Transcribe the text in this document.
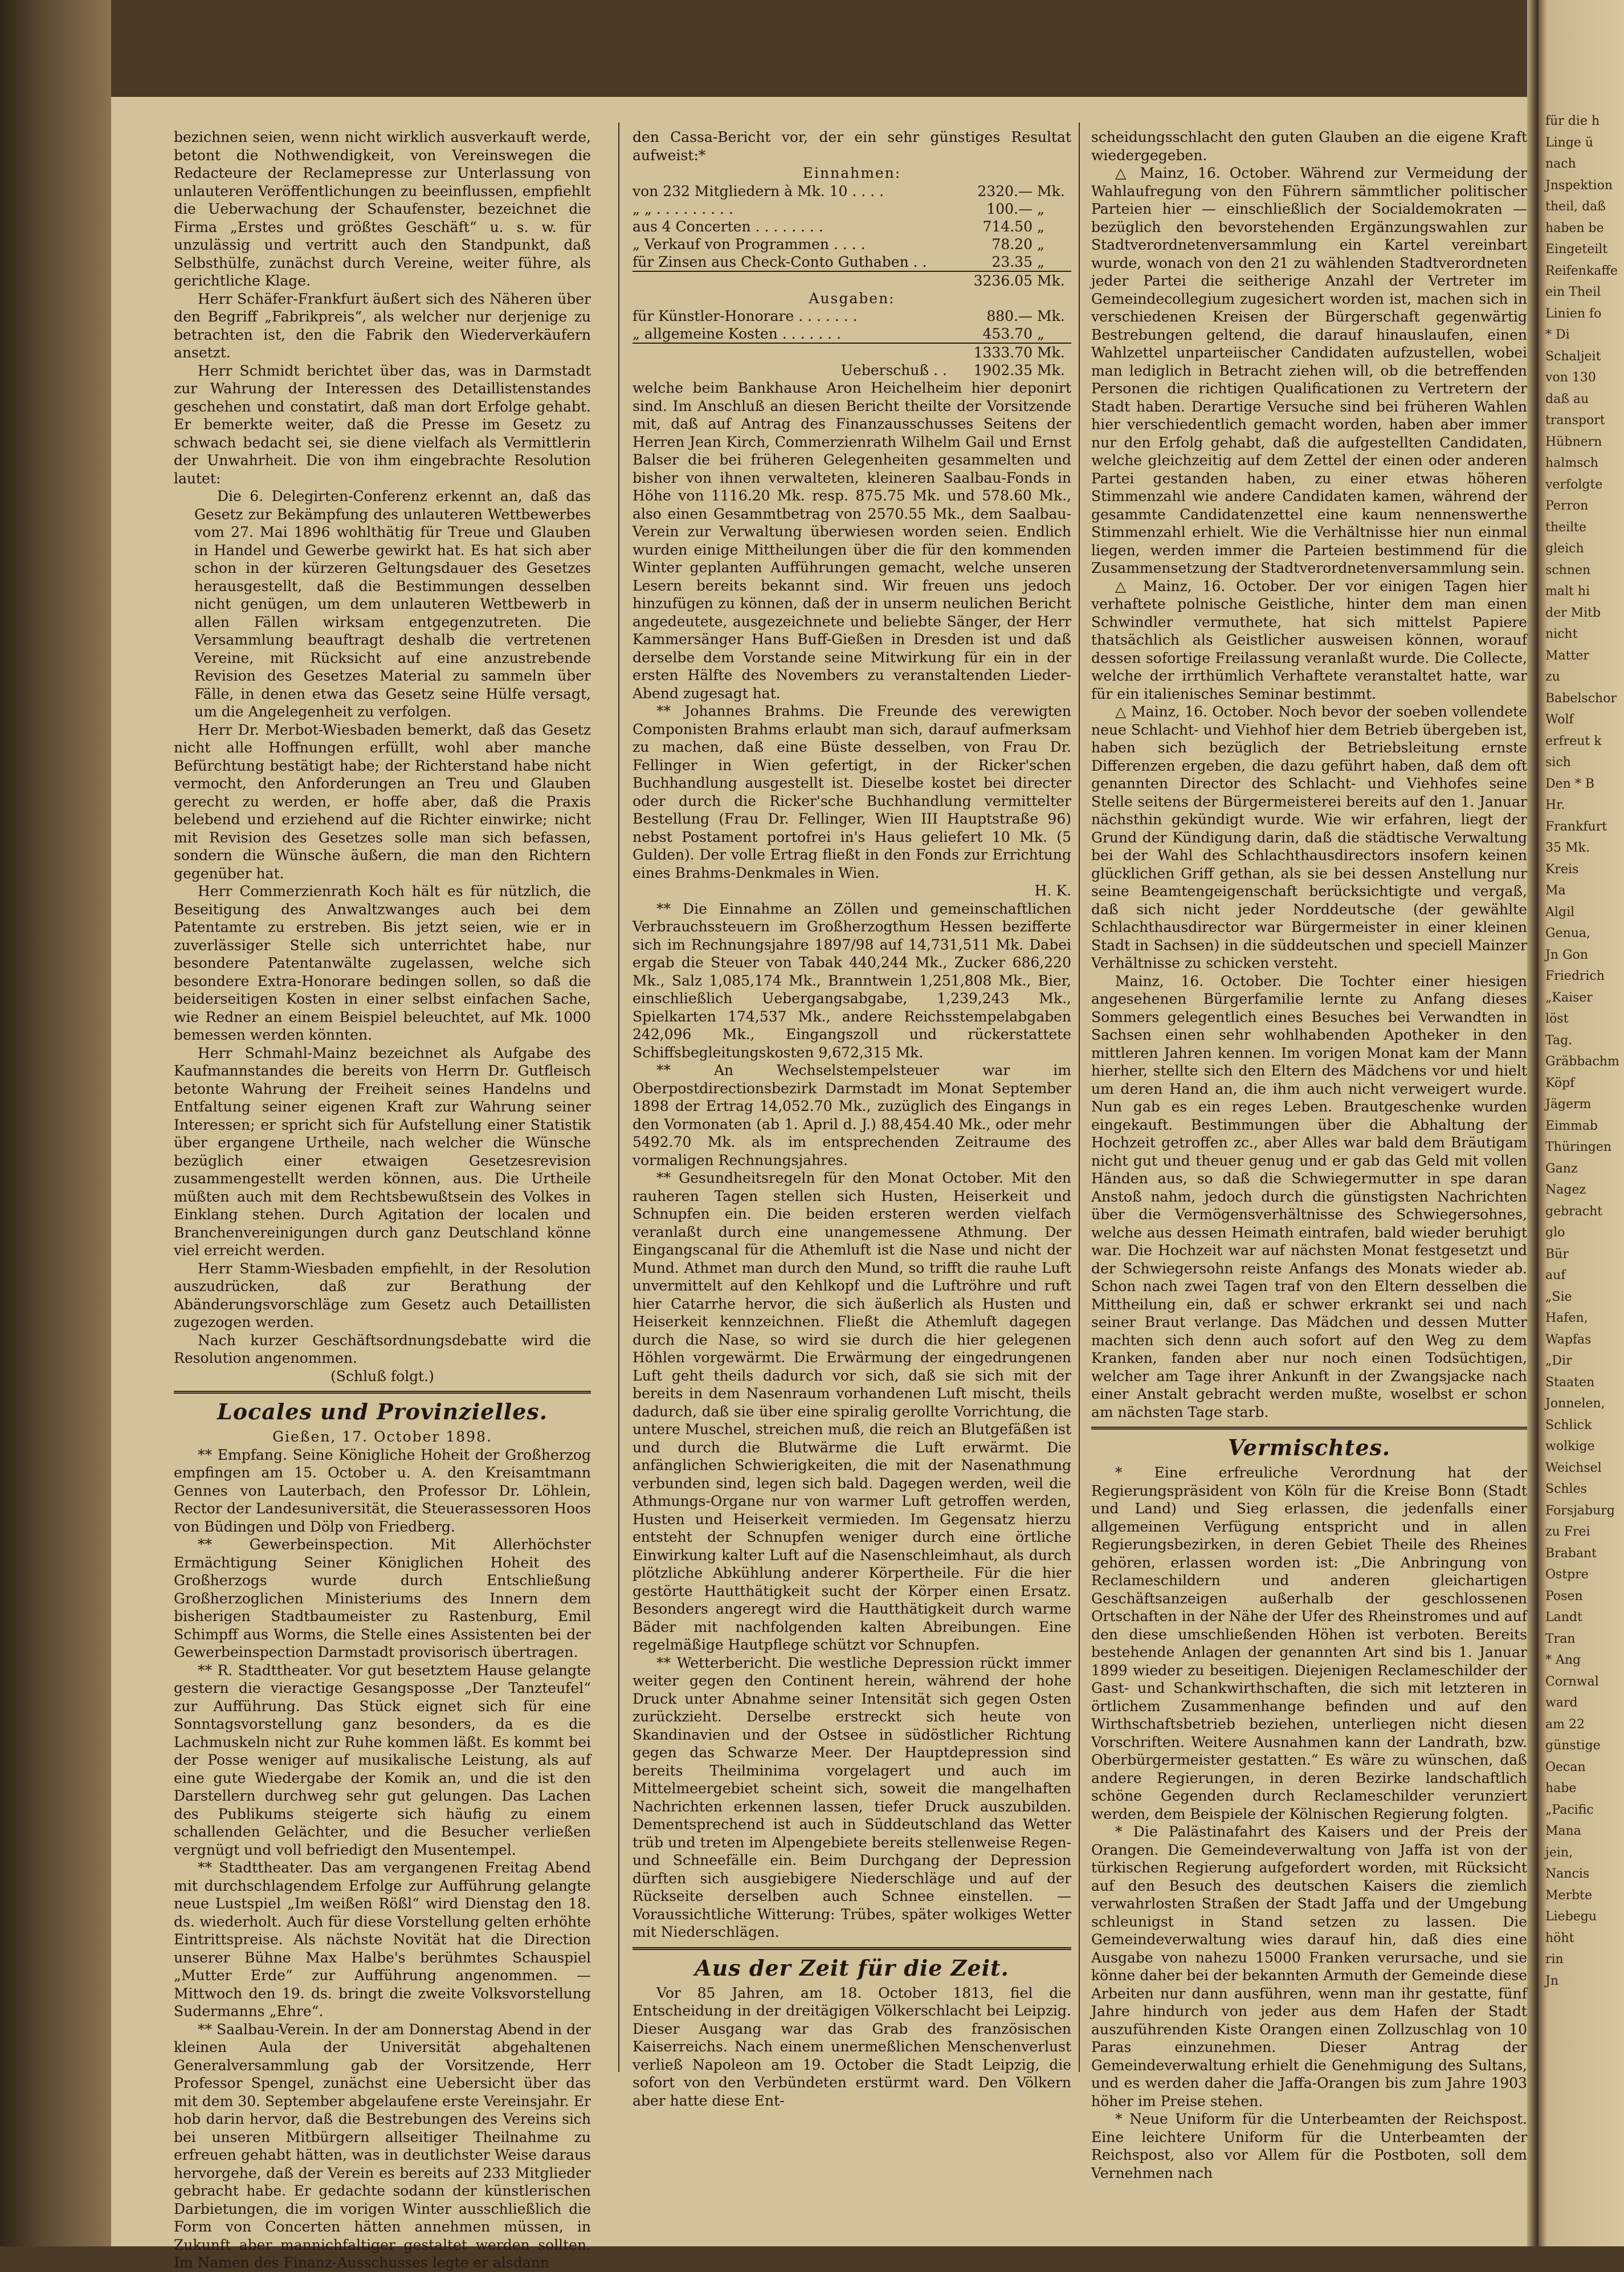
bezichnen seien, wenn nicht wirklich ausverkauft werde, betont die Nothwendigkeit, von Vereinswegen die Redacteure der Reclamepresse zur Unterlassung von unlauteren Veröffentlichungen zu beeinflussen, empfiehlt die Ueberwachung der Schaufenster, bezeichnet die Firma „Erstes und größtes Geschäft“ u. s. w. für unzulässig und vertritt auch den Standpunkt, daß Selbsthülfe, zunächst durch Vereine, weiter führe, als gerichtliche Klage.

Herr Schäfer-Frankfurt äußert sich des Näheren über den Begriff „Fabrikpreis“, als welcher nur derjenige zu betrachten ist, den die Fabrik den Wiederverkäufern ansetzt.

Herr Schmidt berichtet über das, was in Darmstadt zur Wahrung der Interessen des Detaillistenstandes geschehen und constatirt, daß man dort Erfolge gehabt. Er bemerkte weiter, daß die Presse im Gesetz zu schwach bedacht sei, sie diene vielfach als Vermittlerin der Unwahrheit. Die von ihm eingebrachte Resolution lautet:

Die 6. Delegirten-Conferenz erkennt an, daß das Gesetz zur Bekämpfung des unlauteren Wettbewerbes vom 27. Mai 1896 wohlthätig für Treue und Glauben in Handel und Gewerbe gewirkt hat. Es hat sich aber schon in der kürzeren Geltungsdauer des Gesetzes herausgestellt, daß die Bestimmungen desselben nicht genügen, um dem unlauteren Wettbewerb in allen Fällen wirksam entgegenzutreten. Die Versammlung beauftragt deshalb die vertretenen Vereine, mit Rücksicht auf eine anzustrebende Revision des Gesetzes Material zu sammeln über Fälle, in denen etwa das Gesetz seine Hülfe versagt, um die Angelegenheit zu verfolgen.

Herr Dr. Merbot-Wiesbaden bemerkt, daß das Gesetz nicht alle Hoffnungen erfüllt, wohl aber manche Befürchtung bestätigt habe; der Richterstand habe nicht vermocht, den Anforderungen an Treu und Glauben gerecht zu werden, er hoffe aber, daß die Praxis belebend und erziehend auf die Richter einwirke; nicht mit Revision des Gesetzes solle man sich befassen, sondern die Wünsche äußern, die man den Richtern gegenüber hat.

Herr Commerzienrath Koch hält es für nützlich, die Beseitigung des Anwaltzwanges auch bei dem Patentamte zu erstreben. Bis jetzt seien, wie er in zuverlässiger Stelle sich unterrichtet habe, nur besondere Patentanwälte zugelassen, welche sich besondere Extra-Honorare bedingen sollen, so daß die beiderseitigen Kosten in einer selbst einfachen Sache, wie Redner an einem Beispiel beleuchtet, auf Mk. 1000 bemessen werden könnten.

Herr Schmahl-Mainz bezeichnet als Aufgabe des Kaufmannstandes die bereits von Herrn Dr. Gutfleisch betonte Wahrung der Freiheit seines Handelns und Entfaltung seiner eigenen Kraft zur Wahrung seiner Interessen; er spricht sich für Aufstellung einer Statistik über ergangene Urtheile, nach welcher die Wünsche bezüglich einer etwaigen Gesetzesrevision zusammengestellt werden können, aus. Die Urtheile müßten auch mit dem Rechtsbewußtsein des Volkes in Einklang stehen. Durch Agitation der localen und Branchenvereinigungen durch ganz Deutschland könne viel erreicht werden.

Herr Stamm-Wiesbaden empfiehlt, in der Resolution auszudrücken, daß zur Berathung der Abänderungsvorschläge zum Gesetz auch Detaillisten zugezogen werden.

Nach kurzer Geschäftsordnungsdebatte wird die Resolution angenommen.

(Schluß folgt.)

Locales und Provinzielles.

Gießen, 17. October 1898.

** Empfang. Seine Königliche Hoheit der Großherzog empfingen am 15. October u. A. den Kreisamtmann Gennes von Lauterbach, den Professor Dr. Löhlein, Rector der Landesuniversität, die Steuerassessoren Hoos von Büdingen und Dölp von Friedberg.

** Gewerbeinspection. Mit Allerhöchster Ermächtigung Seiner Königlichen Hoheit des Großherzogs wurde durch Entschließung Großherzoglichen Ministeriums des Innern dem bisherigen Stadtbaumeister zu Rastenburg, Emil Schimpff aus Worms, die Stelle eines Assistenten bei der Gewerbeinspection Darmstadt provisorisch übertragen.

** R. Stadttheater. Vor gut besetztem Hause gelangte gestern die vieractige Gesangsposse „Der Tanzteufel“ zur Aufführung. Das Stück eignet sich für eine Sonntagsvorstellung ganz besonders, da es die Lachmuskeln nicht zur Ruhe kommen läßt. Es kommt bei der Posse weniger auf musikalische Leistung, als auf eine gute Wiedergabe der Komik an, und die ist den Darstellern durchweg sehr gut gelungen. Das Lachen des Publikums steigerte sich häufig zu einem schallenden Gelächter, und die Besucher verließen vergnügt und voll befriedigt den Musentempel.

** Stadttheater. Das am vergangenen Freitag Abend mit durchschlagendem Erfolge zur Aufführung gelangte neue Lustspiel „Im weißen Rößl“ wird Dienstag den 18. ds. wiederholt. Auch für diese Vorstellung gelten erhöhte Eintrittspreise. Als nächste Novität hat die Direction unserer Bühne Max Halbe's berühmtes Schauspiel „Mutter Erde“ zur Aufführung angenommen. — Mittwoch den 19. ds. bringt die zweite Volksvorstellung Sudermanns „Ehre“.

** Saalbau-Verein. In der am Donnerstag Abend in der kleinen Aula der Universität abgehaltenen Generalversammlung gab der Vorsitzende, Herr Professor Spengel, zunächst eine Uebersicht über das mit dem 30. September abgelaufene erste Vereinsjahr. Er hob darin hervor, daß die Bestrebungen des Vereins sich bei unseren Mitbürgern allseitiger Theilnahme zu erfreuen gehabt hätten, was in deutlichster Weise daraus hervorgehe, daß der Verein es bereits auf 233 Mitglieder gebracht habe. Er gedachte sodann der künstlerischen Darbietungen, die im vorigen Winter ausschließlich die Form von Concerten hätten annehmen müssen, in Zukunft aber mannichfaltiger gestaltet werden sollten. Im Namen des Finanz-Ausschusses legte er alsdann

den Cassa-Bericht vor, der ein sehr günstiges Resultat aufweist:*

Einnahmen:

von 232 Mitgliedern à Mk. 10 . . . .	2320.—	Mk.
„ „ . . . . . . . . .	100.—	„
aus 4 Concerten . . . . . . . .	714.50	„
„ Verkauf von Programmen . . . .	78.20	„
für Zinsen aus Check-Conto Guthaben . .	23.35	„
	3236.05	Mk.

Ausgaben:

für Künstler-Honorare . . . . . . .	880.—	Mk.
„ allgemeine Kosten . . . . . . .	453.70	„
	1333.70	Mk.
Ueberschuß . .	1902.35	Mk.

welche beim Bankhause Aron Heichelheim hier deponirt sind. Im Anschluß an diesen Bericht theilte der Vorsitzende mit, daß auf Antrag des Finanzausschusses Seitens der Herren Jean Kirch, Commerzienrath Wilhelm Gail und Ernst Balser die bei früheren Gelegenheiten gesammelten und bisher von ihnen verwalteten, kleineren Saalbau-Fonds in Höhe von 1116.20 Mk. resp. 875.75 Mk. und 578.60 Mk., also einen Gesammtbetrag von 2570.55 Mk., dem Saalbau-Verein zur Verwaltung überwiesen worden seien. Endlich wurden einige Mittheilungen über die für den kommenden Winter geplanten Aufführungen gemacht, welche unseren Lesern bereits bekannt sind. Wir freuen uns jedoch hinzufügen zu können, daß der in unserm neulichen Bericht angedeutete, ausgezeichnete und beliebte Sänger, der Herr Kammersänger Hans Buff-Gießen in Dresden ist und daß derselbe dem Vorstande seine Mitwirkung für ein in der ersten Hälfte des Novembers zu veranstaltenden Lieder-Abend zugesagt hat.

** Johannes Brahms. Die Freunde des verewigten Componisten Brahms erlaubt man sich, darauf aufmerksam zu machen, daß eine Büste desselben, von Frau Dr. Fellinger in Wien gefertigt, in der Ricker'schen Buchhandlung ausgestellt ist. Dieselbe kostet bei directer oder durch die Ricker'sche Buchhandlung vermittelter Bestellung (Frau Dr. Fellinger, Wien III Hauptstraße 96) nebst Postament portofrei in's Haus geliefert 10 Mk. (5 Gulden). Der volle Ertrag fließt in den Fonds zur Errichtung eines Brahms-Denkmales in Wien.

H. K.

** Die Einnahme an Zöllen und gemeinschaftlichen Verbrauchssteuern im Großherzogthum Hessen bezifferte sich im Rechnungsjahre 1897/98 auf 14,731,511 Mk. Dabei ergab die Steuer von Tabak 440,244 Mk., Zucker 686,220 Mk., Salz 1,085,174 Mk., Branntwein 1,251,808 Mk., Bier, einschließlich Uebergangsabgabe, 1,239,243 Mk., Spielkarten 174,537 Mk., andere Reichsstempelabgaben 242,096 Mk., Eingangszoll und rückerstattete Schiffsbegleitungskosten 9,672,315 Mk.

** An Wechselstempelsteuer war im Oberpostdirectionsbezirk Darmstadt im Monat September 1898 der Ertrag 14,052.70 Mk., zuzüglich des Eingangs in den Vormonaten (ab 1. April d. J.) 88,454.40 Mk., oder mehr 5492.70 Mk. als im entsprechenden Zeitraume des vormaligen Rechnungsjahres.

** Gesundheitsregeln für den Monat October. Mit den rauheren Tagen stellen sich Husten, Heiserkeit und Schnupfen ein. Die beiden ersteren werden vielfach veranlaßt durch eine unangemessene Athmung. Der Eingangscanal für die Athemluft ist die Nase und nicht der Mund. Athmet man durch den Mund, so trifft die rauhe Luft unvermittelt auf den Kehlkopf und die Luftröhre und ruft hier Catarrhe hervor, die sich äußerlich als Husten und Heiserkeit kennzeichnen. Fließt die Athemluft dagegen durch die Nase, so wird sie durch die hier gelegenen Höhlen vorgewärmt. Die Erwärmung der eingedrungenen Luft geht theils dadurch vor sich, daß sie sich mit der bereits in dem Nasenraum vorhandenen Luft mischt, theils dadurch, daß sie über eine spiralig gerollte Vorrichtung, die untere Muschel, streichen muß, die reich an Blutgefäßen ist und durch die Blutwärme die Luft erwärmt. Die anfänglichen Schwierigkeiten, die mit der Nasenathmung verbunden sind, legen sich bald. Dagegen werden, weil die Athmungs-Organe nur von warmer Luft getroffen werden, Husten und Heiserkeit vermieden. Im Gegensatz hierzu entsteht der Schnupfen weniger durch eine örtliche Einwirkung kalter Luft auf die Nasenschleimhaut, als durch plötzliche Abkühlung anderer Körpertheile. Für die hier gestörte Hautthätigkeit sucht der Körper einen Ersatz. Besonders angeregt wird die Hautthätigkeit durch warme Bäder mit nachfolgenden kalten Abreibungen. Eine regelmäßige Hautpflege schützt vor Schnupfen.

** Wetterbericht. Die westliche Depression rückt immer weiter gegen den Continent herein, während der hohe Druck unter Abnahme seiner Intensität sich gegen Osten zurückzieht. Derselbe erstreckt sich heute von Skandinavien und der Ostsee in südöstlicher Richtung gegen das Schwarze Meer. Der Hauptdepression sind bereits Theilminima vorgelagert und auch im Mittelmeergebiet scheint sich, soweit die mangelhaften Nachrichten erkennen lassen, tiefer Druck auszubilden. Dementsprechend ist auch in Süddeutschland das Wetter trüb und treten im Alpengebiete bereits stellenweise Regen- und Schneefälle ein. Beim Durchgang der Depression dürften sich ausgiebigere Niederschläge und auf der Rückseite derselben auch Schnee einstellen. — Voraussichtliche Witterung: Trübes, später wolkiges Wetter mit Niederschlägen.

Aus der Zeit für die Zeit.

Vor 85 Jahren, am 18. October 1813, fiel die Entscheidung in der dreitägigen Völkerschlacht bei Leipzig. Dieser Ausgang war das Grab des französischen Kaiserreichs. Nach einem unermeßlichen Menschenverlust verließ Napoleon am 19. October die Stadt Leipzig, die sofort von den Verbündeten erstürmt ward. Den Völkern aber hatte diese Ent-

scheidungsschlacht den guten Glauben an die eigene Kraft wiedergegeben.

△ Mainz, 16. October. Während zur Vermeidung der Wahlaufregung von den Führern sämmtlicher politischer Parteien hier — einschließlich der Socialdemokraten — bezüglich den bevorstehenden Ergänzungswahlen zur Stadtverordnetenversammlung ein Kartel vereinbart wurde, wonach von den 21 zu wählenden Stadtverordneten jeder Partei die seitherige Anzahl der Vertreter im Gemeindecollegium zugesichert worden ist, machen sich in verschiedenen Kreisen der Bürgerschaft gegenwärtig Bestrebungen geltend, die darauf hinauslaufen, einen Wahlzettel unparteiischer Candidaten aufzustellen, wobei man lediglich in Betracht ziehen will, ob die betreffenden Personen die richtigen Qualificationen zu Vertretern der Stadt haben. Derartige Versuche sind bei früheren Wahlen hier verschiedentlich gemacht worden, haben aber immer nur den Erfolg gehabt, daß die aufgestellten Candidaten, welche gleichzeitig auf dem Zettel der einen oder anderen Partei gestanden haben, zu einer etwas höheren Stimmenzahl wie andere Candidaten kamen, während der gesammte Candidatenzettel eine kaum nennenswerthe Stimmenzahl erhielt. Wie die Verhältnisse hier nun einmal liegen, werden immer die Parteien bestimmend für die Zusammensetzung der Stadtverordnetenversammlung sein.

△ Mainz, 16. October. Der vor einigen Tagen hier verhaftete polnische Geistliche, hinter dem man einen Schwindler vermuthete, hat sich mittelst Papiere thatsächlich als Geistlicher ausweisen können, worauf dessen sofortige Freilassung veranlaßt wurde. Die Collecte, welche der irrthümlich Verhaftete veranstaltet hatte, war für ein italienisches Seminar bestimmt.

△ Mainz, 16. October. Noch bevor der soeben vollendete neue Schlacht- und Viehhof hier dem Betrieb übergeben ist, haben sich bezüglich der Betriebsleitung ernste Differenzen ergeben, die dazu geführt haben, daß dem oft genannten Director des Schlacht- und Viehhofes seine Stelle seitens der Bürgermeisterei bereits auf den 1. Januar nächsthin gekündigt wurde. Wie wir erfahren, liegt der Grund der Kündigung darin, daß die städtische Verwaltung bei der Wahl des Schlachthausdirectors insofern keinen glücklichen Griff gethan, als sie bei dessen Anstellung nur seine Beamtengeigenschaft berücksichtigte und vergaß, daß sich nicht jeder Norddeutsche (der gewählte Schlachthausdirector war Bürgermeister in einer kleinen Stadt in Sachsen) in die süddeutschen und speciell Mainzer Verhältnisse zu schicken versteht.

Mainz, 16. October. Die Tochter einer hiesigen angesehenen Bürgerfamilie lernte zu Anfang dieses Sommers gelegentlich eines Besuches bei Verwandten in Sachsen einen sehr wohlhabenden Apotheker in den mittleren Jahren kennen. Im vorigen Monat kam der Mann hierher, stellte sich den Eltern des Mädchens vor und hielt um deren Hand an, die ihm auch nicht verweigert wurde. Nun gab es ein reges Leben. Brautgeschenke wurden eingekauft. Bestimmungen über die Abhaltung der Hochzeit getroffen zc., aber Alles war bald dem Bräutigam nicht gut und theuer genug und er gab das Geld mit vollen Händen aus, so daß die Schwiegermutter in spe daran Anstoß nahm, jedoch durch die günstigsten Nachrichten über die Vermögensverhältnisse des Schwiegersohnes, welche aus dessen Heimath eintrafen, bald wieder beruhigt war. Die Hochzeit war auf nächsten Monat festgesetzt und der Schwiegersohn reiste Anfangs des Monats wieder ab. Schon nach zwei Tagen traf von den Eltern desselben die Mittheilung ein, daß er schwer erkrankt sei und nach seiner Braut verlange. Das Mädchen und dessen Mutter machten sich denn auch sofort auf den Weg zu dem Kranken, fanden aber nur noch einen Todsüchtigen, welcher am Tage ihrer Ankunft in der Zwangsjacke nach einer Anstalt gebracht werden mußte, woselbst er schon am nächsten Tage starb.

Vermischtes.

* Eine erfreuliche Verordnung hat der Regierungspräsident von Köln für die Kreise Bonn (Stadt und Land) und Sieg erlassen, die jedenfalls einer allgemeinen Verfügung entspricht und in allen Regierungsbezirken, in deren Gebiet Theile des Rheines gehören, erlassen worden ist: „Die Anbringung von Reclameschildern und anderen gleichartigen Geschäftsanzeigen außerhalb der geschlossenen Ortschaften in der Nähe der Ufer des Rheinstromes und auf den diese umschließenden Höhen ist verboten. Bereits bestehende Anlagen der genannten Art sind bis 1. Januar 1899 wieder zu beseitigen. Diejenigen Reclameschilder der Gast- und Schankwirthschaften, die sich mit letzteren in örtlichem Zusammenhange befinden und auf den Wirthschaftsbetrieb beziehen, unterliegen nicht diesen Vorschriften. Weitere Ausnahmen kann der Landrath, bzw. Oberbürgermeister gestatten.“ Es wäre zu wünschen, daß andere Regierungen, in deren Bezirke landschaftlich schöne Gegenden durch Reclameschilder verunziert werden, dem Beispiele der Kölnischen Regierung folgten.

* Die Palästinafahrt des Kaisers und der Preis der Orangen. Die Gemeindeverwaltung von Jaffa ist von der türkischen Regierung aufgefordert worden, mit Rücksicht auf den Besuch des deutschen Kaisers die ziemlich verwahrlosten Straßen der Stadt Jaffa und der Umgebung schleunigst in Stand setzen zu lassen. Die Gemeindeverwaltung wies darauf hin, daß dies eine Ausgabe von nahezu 15000 Franken verursache, und sie könne daher bei der bekannten Armuth der Gemeinde diese Arbeiten nur dann ausführen, wenn man ihr gestatte, fünf Jahre hindurch von jeder aus dem Hafen der Stadt auszuführenden Kiste Orangen einen Zollzuschlag von 10 Paras einzunehmen. Dieser Antrag der Gemeindeverwaltung erhielt die Genehmigung des Sultans, und es werden daher die Jaffa-Orangen bis zum Jahre 1903 höher im Preise stehen.

* Neue Uniform für die Unterbeamten der Reichspost. Eine leichtere Uniform für die Unterbeamten der Reichspost, also vor Allem für die Postboten, soll dem Vernehmen nach

für die h
Linge ü
nach
Jnspektion
theil, daß
haben be
Eingeteilt
Reifenkaffe
ein Theil
Linien fo
* Di
Schaljeit
von 130
daß au
transport
Hübnern
halmsch
verfolgte
Perron
theilte
gleich
schnen
malt hi
der Mitb
nicht
Matter
zu
Babelschor
Wolf
erfreut k
sich
Den * B
Hr.
Frankfurt
35 Mk.
Kreis
Ma
Algil
Genua,
Jn Gon
Friedrich
„Kaiser
löst
Tag.
Gräbbachm
Köpf
Jägerm
Eimmab
Thüringen
Ganz
Nagez
gebracht
glo
Bür
auf
„Sie
Hafen,
Wapfas
„Dir
Staaten
Jonnelen,
Schlick
wolkige
Weichsel
Schles
Forsjaburg
zu Frei
Brabant
Ostpre
Posen
Landt
Tran
* Ang
Cornwal
ward
am 22
günstige
Oecan
habe
„Pacific
Mana
jein,
Nancis
Merbte
Liebegu
höht
rin
Jn
